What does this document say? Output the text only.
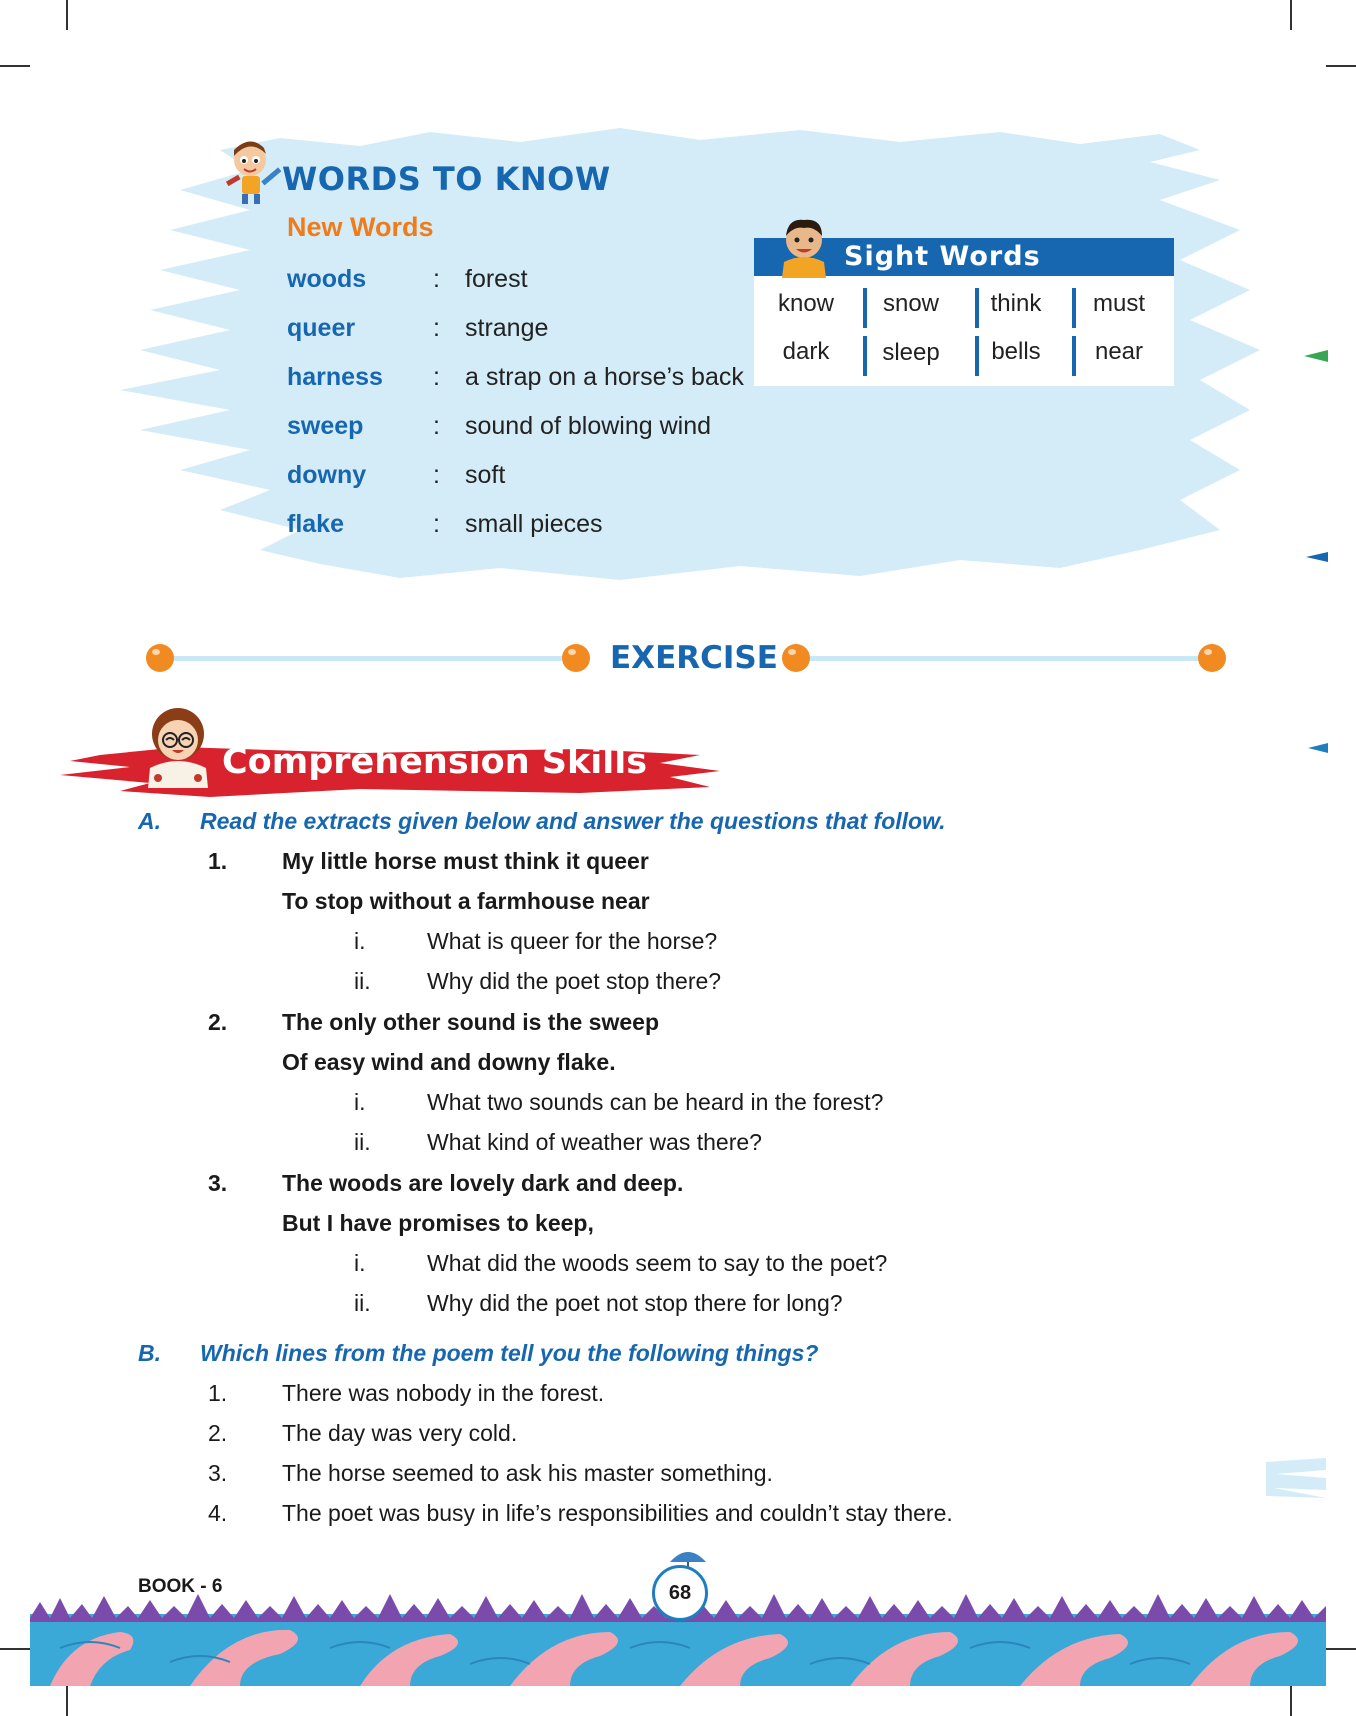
WORDS TO KNOW
New Words
woods	: forest
queer	: strange
harness : a strap on a horse’s back
sweep	: sound of blowing wind
downy	: soft
flake	: small pieces
Sight Words
know	snow	think	must
dark	sleep	bells	near
EXERCISE
Comprehension Skills
A. Read the extracts given below and answer the questions that follow.
1. My little horse must think it queer
To stop without a farmhouse near
i.	What is queer for the horse?
ii. Why did the poet stop there?
2. The only other sound is the sweep
Of easy wind and downy flake.
i.	What two sounds can be heard in the forest?
ii. What kind of weather was there?
3. The woods are lovely dark and deep.
But I have promises to keep,
i.	What did the woods seem to say to the poet?
ii. Why did the poet not stop there for long?
B. Which lines from the poem tell you the following things?
1. There was nobody in the forest.
2. The day was very cold.
3. The horse seemed to ask his master something.
4. The poet was busy in life’s responsibilities and couldn’t stay there.
68
BOOK - 6
